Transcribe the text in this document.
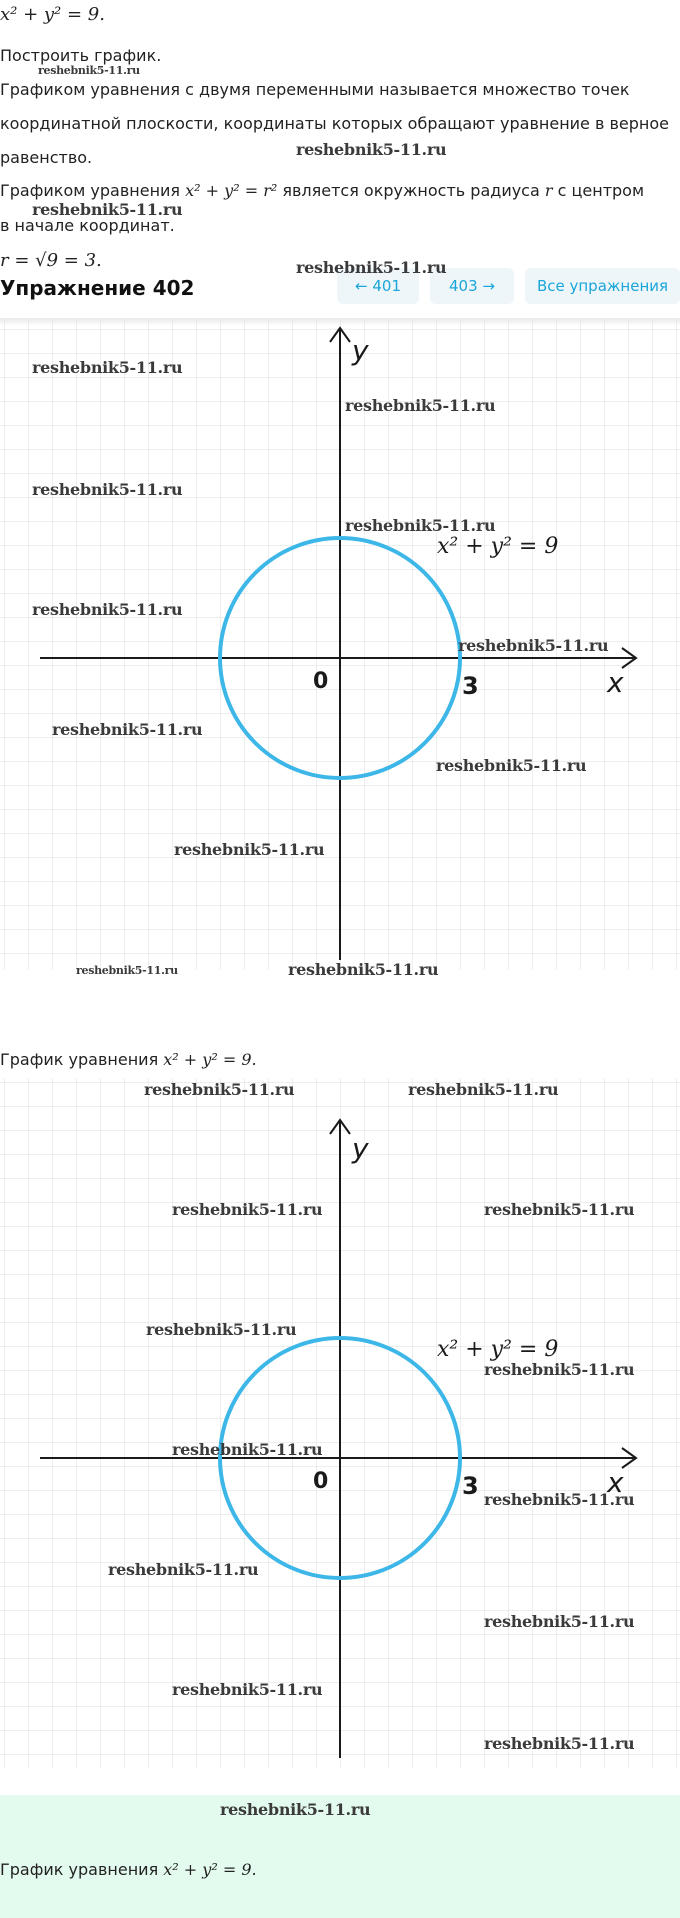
x² + y² = 9.
Построить график.
Графиком уравнения с двумя переменными называется множество точек
координатной плоскости, координаты которых обращают уравнение в верное
равенство.
Графиком уравнения x² + y² = r² является окружность радиуса r с центром
в начале координат.
r = √9 = 3.
Упражнение 402	← 401	403 →	Все упражнения
y
x
0	3
x² + y² = 9
График уравнения x² + y² = 9.
y
x
0	3
x² + y² = 9
График уравнения x² + y² = 9.
reshebnik5-11.ru
reshebnik5-11.ru
reshebnik5-11.ru
reshebnik5-11.ru
reshebnik5-11.ru
reshebnik5-11.ru
reshebnik5-11.ru
reshebnik5-11.ru
reshebnik5-11.ru
reshebnik5-11.ru
reshebnik5-11.ru
reshebnik5-11.ru
reshebnik5-11.ru
reshebnik5-11.ru	reshebnik5-11.ru
reshebnik5-11.ru	reshebnik5-11.ru
reshebnik5-11.ru	reshebnik5-11.ru
reshebnik5-11.ru
reshebnik5-11.ru
reshebnik5-11.ru
reshebnik5-11.ru
reshebnik5-11.ru
reshebnik5-11.ru
reshebnik5-11.ru
reshebnik5-11.ru
reshebnik5-11.ru
